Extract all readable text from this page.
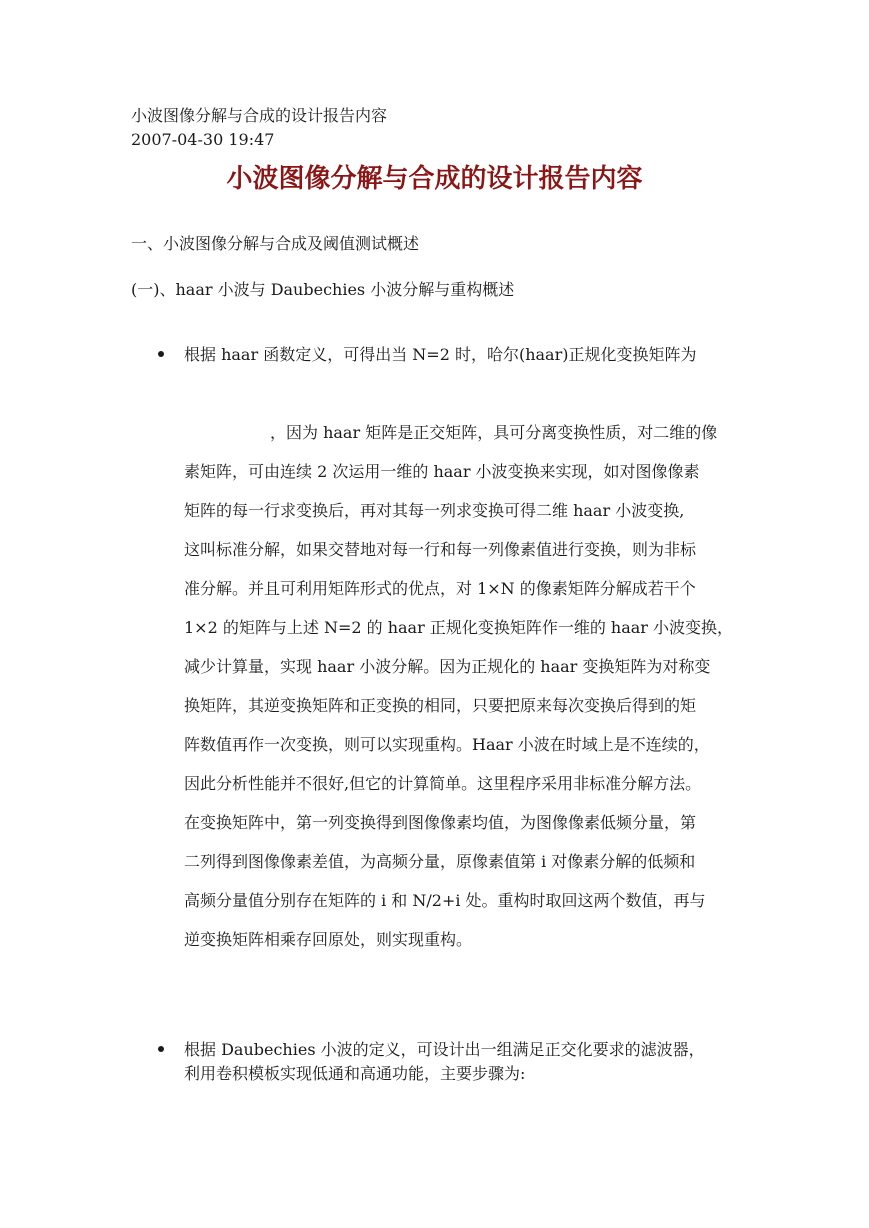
小波图像分解与合成的设计报告内容
2007-04-30 19:47
小波图像分解与合成的设计报告内容
一、小波图像分解与合成及阈值测试概述
(一)、haar 小波与 Daubechies 小波分解与重构概述
根据 haar 函数定义，可得出当 N=2 时，哈尔(haar)正规化变换矩阵为
，因为 haar 矩阵是正交矩阵，具可分离变换性质，对二维的像
素矩阵，可由连续 2 次运用一维的 haar 小波变换来实现，如对图像像素
矩阵的每一行求变换后，再对其每一列求变换可得二维 haar 小波变换,
这叫标准分解，如果交替地对每一行和每一列像素值进行变换，则为非标
准分解。并且可利用矩阵形式的优点，对 1×N 的像素矩阵分解成若干个
1×2 的矩阵与上述 N=2 的 haar 正规化变换矩阵作一维的 haar 小波变换，
减少计算量，实现 haar 小波分解。因为正规化的 haar 变换矩阵为对称变
换矩阵，其逆变换矩阵和正变换的相同，只要把原来每次变换后得到的矩
阵数值再作一次变换，则可以实现重构。Haar 小波在时域上是不连续的，
因此分析性能并不很好,但它的计算简单。这里程序采用非标准分解方法。
在变换矩阵中，第一列变换得到图像像素均值，为图像像素低频分量，第
二列得到图像像素差值，为高频分量，原像素值第 i 对像素分解的低频和
高频分量值分别存在矩阵的 i 和 N/2+i 处。重构时取回这两个数值，再与
逆变换矩阵相乘存回原处，则实现重构。
根据 Daubechies 小波的定义，可设计出一组满足正交化要求的滤波器，
利用卷积模板实现低通和高通功能，主要步骤为:
